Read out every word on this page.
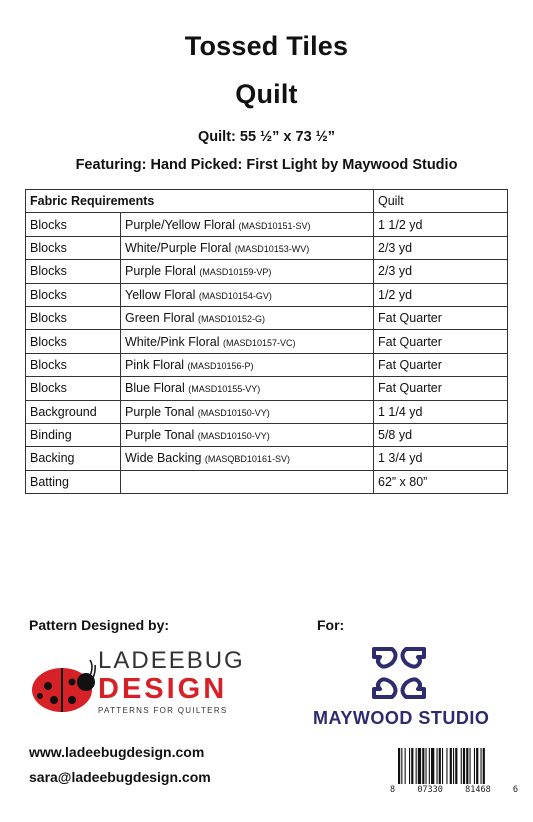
Tossed Tiles
Quilt
Quilt: 55 ½” x 73 ½”
Featuring: Hand Picked: First Light by Maywood Studio
Fabric Requirements		Quilt
Blocks	Purple/Yellow Floral (MASD10151-SV)	1 1/2 yd
Blocks	White/Purple Floral (MASD10153-WV)	2/3 yd
Blocks	Purple Floral (MASD10159-VP)	2/3 yd
Blocks	Yellow Floral (MASD10154-GV)	1/2 yd
Blocks	Green Floral (MASD10152-G)	Fat Quarter
Blocks	White/Pink Floral (MASD10157-VC)	Fat Quarter
Blocks	Pink Floral (MASD10156-P)	Fat Quarter
Blocks	Blue Floral (MASD10155-VY)	Fat Quarter
Background	Purple Tonal (MASD10150-VY)	1 1/4 yd
Binding	Purple Tonal (MASD10150-VY)	5/8 yd
Backing	Wide Backing (MASQBD10161-SV)	1 3/4 yd
Batting		62” x 80”
Pattern Designed by:	For:
LADEEBUG
DESIGN
PATTERNS FOR QUILTERS	MAYWOOD STUDIO
www.ladeebugdesign.com
sara@ladeebugdesign.com
8	07330	81468	6
